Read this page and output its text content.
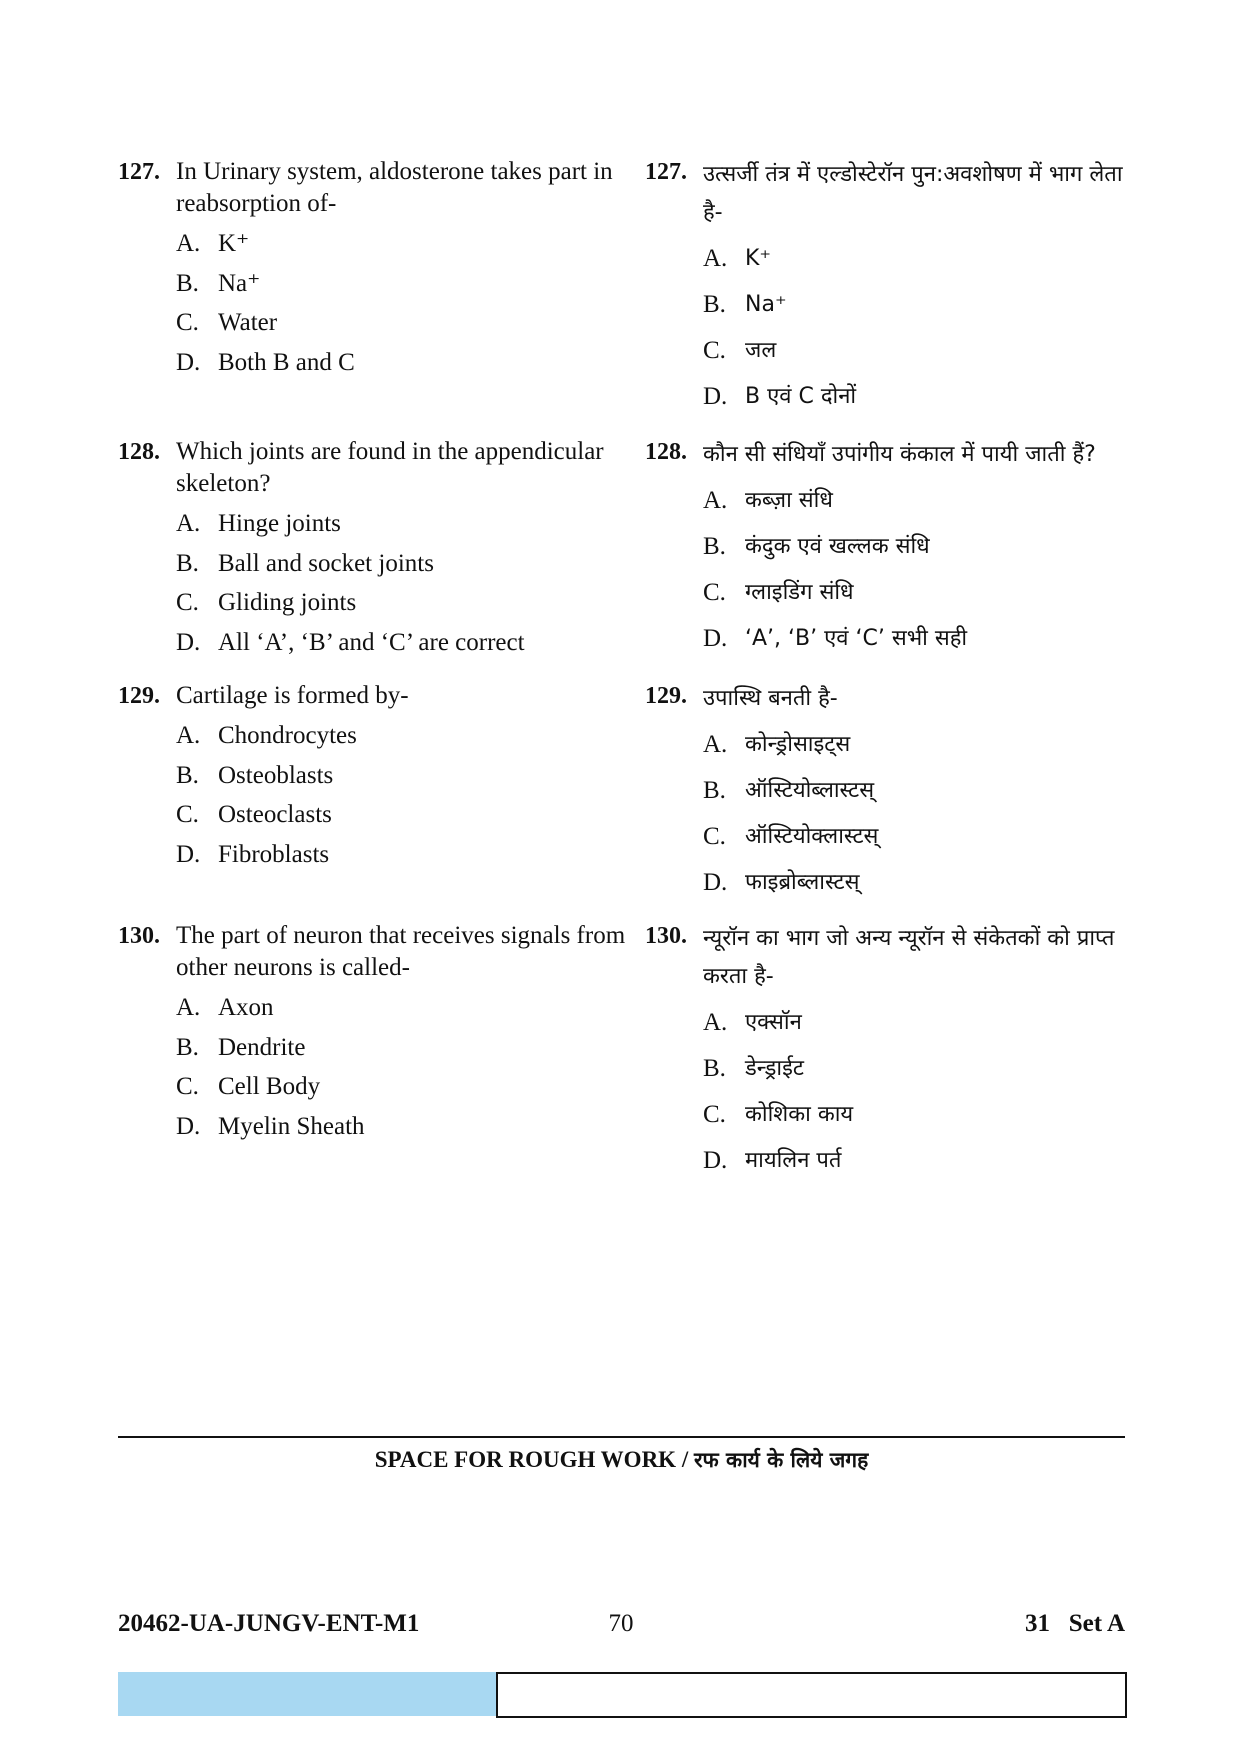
127. In Urinary system, aldosterone takes part in reabsorption of-
A. K⁺
B. Na⁺
C. Water
D. Both B and C
128. Which joints are found in the appendicular skeleton?
A. Hinge joints
B. Ball and socket joints
C. Gliding joints
D. All ‘A’, ‘B’ and ‘C’ are correct
129. Cartilage is formed by-
A. Chondrocytes
B. Osteoblasts
C. Osteoclasts
D. Fibroblasts
130. The part of neuron that receives signals from other neurons is called-
A. Axon
B. Dendrite
C. Cell Body
D. Myelin Sheath
127. उत्सर्जी तंत्र में एल्डोस्टेरॉन पुन:अवशोषण में भाग लेता है-
A. K⁺
B. Na⁺
C. जल
D. B एवं C दोनों
128. कौन सी संधियाँ उपांगीय कंकाल में पायी जाती हैं?
A. कब्ज़ा संधि
B. कंदुक एवं खल्लक संधि
C. ग्लाइडिंग संधि
D. ‘A’, ‘B’ एवं ‘C’ सभी सही
129. उपास्थि बनती है-
A. कोन्ड्रोसाइट्स
B. ऑस्टियोब्लास्टस्
C. ऑस्टियोक्लास्टस्
D. फाइब्रोब्लास्टस्
130. न्यूरॉन का भाग जो अन्य न्यूरॉन से संकेतकों को प्राप्त करता है-
A. एक्सॉन
B. डेन्ड्राईट
C. कोशिका काय
D. मायलिन पर्त
SPACE FOR ROUGH WORK / रफ कार्य के लिये जगह
20462-UA-JUNGV-ENT-M1	70	31   Set A
